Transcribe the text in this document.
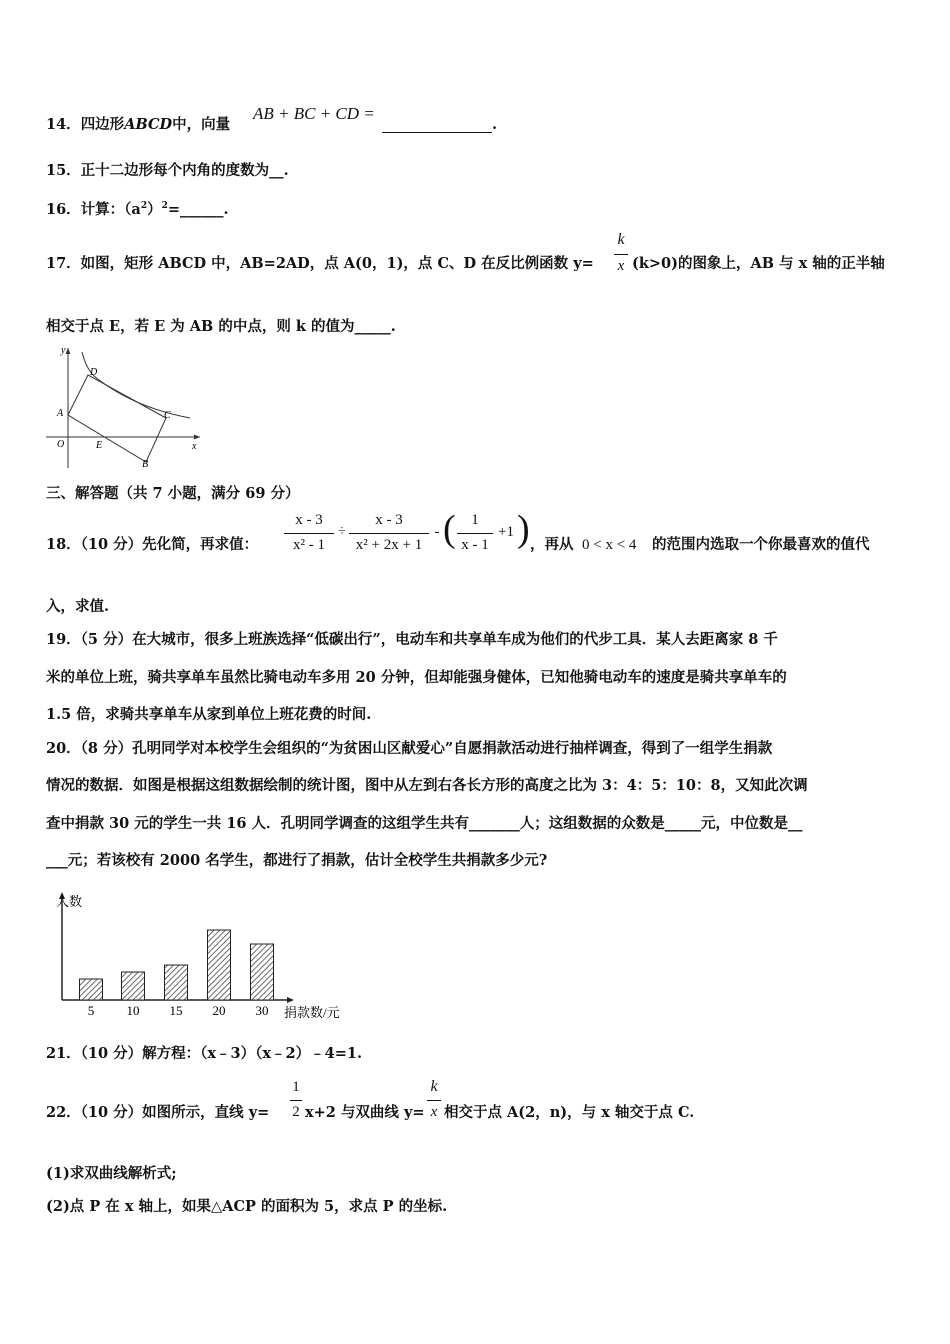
14．四边形ABCD中，向量
AB + BC + CD =
.
15．正十二边形每个内角的度数为__.
16．计算：$(a^2)^2=\_\_\_\_\_\_$.
17．如图，矩形 ABCD 中，AB=2AD，点 A(0，1)，点 C、D 在反比例函数 y=
k
x (k>0)的图象上，AB 与 x 轴的正半轴
相交于点 E，若 E 为 AB 的中点，则 k 的值为_____.
y
x
D
A	C
O	E
B
三、解答题（共 7 小题，满分 69 分）
18．（10 分）先化简，再求值：
x - 3
x² - 1
÷
x - 3
x² + 2x + 1
- (	1
x - 1
+1 ) ，再从 0 < x < 4 的范围内选取一个你最喜欢的值代
入，求值.
19．（5 分）在大城市，很多上班族选择“低碳出行”，电动车和共享单车成为他们的代步工具．某人去距离家 8 千
米的单位上班，骑共享单车虽然比骑电动车多用 20 分钟，但却能强身健体，已知他骑电动车的速度是骑共享单车的
1.5 倍，求骑共享单车从家到单位上班花费的时间.
20．（8 分）孔明同学对本校学生会组织的“为贫困山区献爱心”自愿捐款活动进行抽样调查，得到了一组学生捐款
情况的数据．如图是根据这组数据绘制的统计图，图中从左到右各长方形的高度之比为 3：4：5：10：8，又知此次调
查中捐款 30 元的学生一共 16 人．孔明同学调查的这组学生共有_______人；这组数据的众数是_____元，中位数是__
___元；若该校有 2000 名学生，都进行了捐款，估计全校学生共捐款多少元?
人数
捐款数/元
5 10 15 20 30
21．（10 分）解方程：（x﹣3）（x﹣2）﹣4=1.
22．（10 分）如图所示，直线 y=
1
2 x+2 与双曲线 y=
k
x 相交于点 A(2，n)，与 x 轴交于点 C.
(1)求双曲线解析式;
(2)点 P 在 x 轴上，如果△ACP 的面积为 5，求点 P 的坐标.
